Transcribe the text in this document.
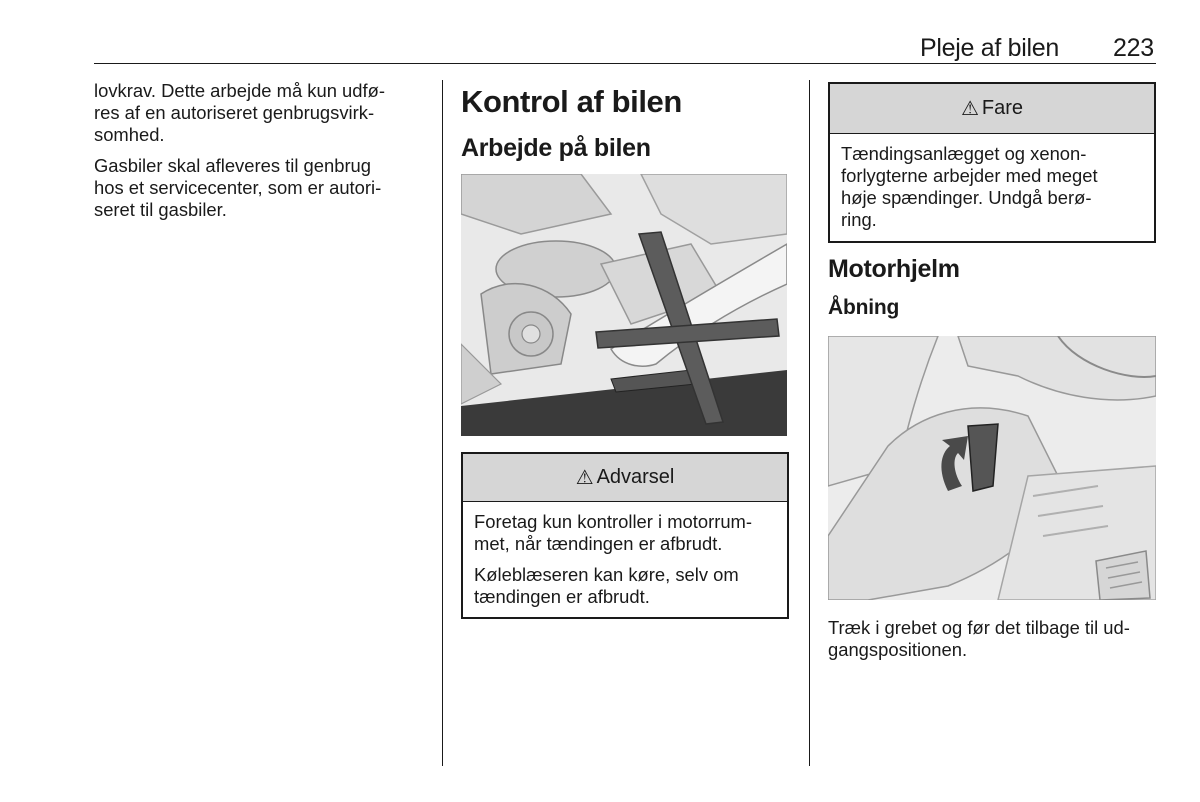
Pleje af bilen 223

lovkrav. Dette arbejde må kun udfø-
res af en autoriseret genbrugsvirk-
somhed.

Gasbiler skal afleveres til genbrug
hos et servicecenter, som er autori-
seret til gasbiler.

Kontrol af bilen
Arbejde på bilen
⚠ Advarsel

Foretag kun kontroller i motorrum-
met, når tændingen er afbrudt.

Køleblæseren kan køre, selv om
tændingen er afbrudt.

⚠ Fare

Tændingsanlægget og xenon-
forlygterne arbejder med meget
høje spændinger. Undgå berø-
ring.

Motorhjelm
Åbning

Træk i grebet og før det tilbage til ud-
gangspositionen.
